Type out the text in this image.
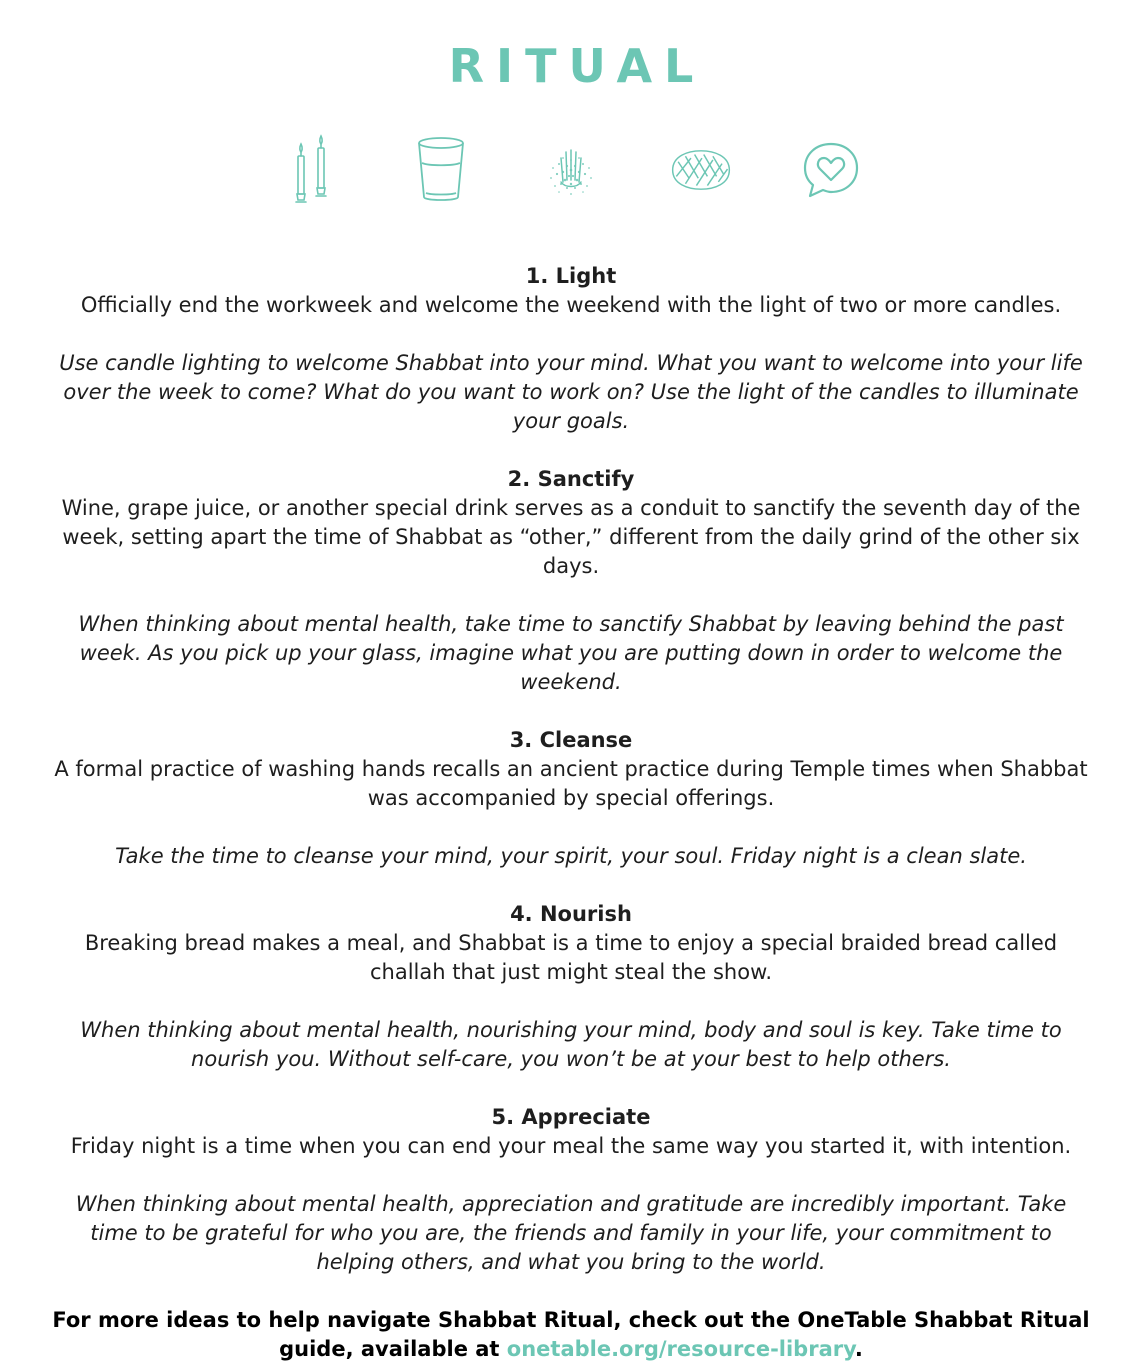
RITUAL

1. Light

Officially end the workweek and welcome the weekend with the light of two or more candles.

Use candle lighting to welcome Shabbat into your mind. What you want to welcome into your life over the week to come? What do you want to work on? Use the light of the candles to illuminate your goals.

2. Sanctify

Wine, grape juice, or another special drink serves as a conduit to sanctify the seventh day of the week, setting apart the time of Shabbat as “other,” different from the daily grind of the other six days.

When thinking about mental health, take time to sanctify Shabbat by leaving behind the past week. As you pick up your glass, imagine what you are putting down in order to welcome the weekend.

3. Cleanse

A formal practice of washing hands recalls an ancient practice during Temple times when Shabbat was accompanied by special offerings.

Take the time to cleanse your mind, your spirit, your soul. Friday night is a clean slate.

4. Nourish

Breaking bread makes a meal, and Shabbat is a time to enjoy a special braided bread called challah that just might steal the show.

When thinking about mental health, nourishing your mind, body and soul is key. Take time to nourish you. Without self-care, you won’t be at your best to help others.

5. Appreciate

Friday night is a time when you can end your meal the same way you started it, with intention.

When thinking about mental health, appreciation and gratitude are incredibly important. Take time to be grateful for who you are, the friends and family in your life, your commitment to helping others, and what you bring to the world.

For more ideas to help navigate Shabbat Ritual, check out the OneTable Shabbat Ritual guide, available at onetable.org/resource-library.
